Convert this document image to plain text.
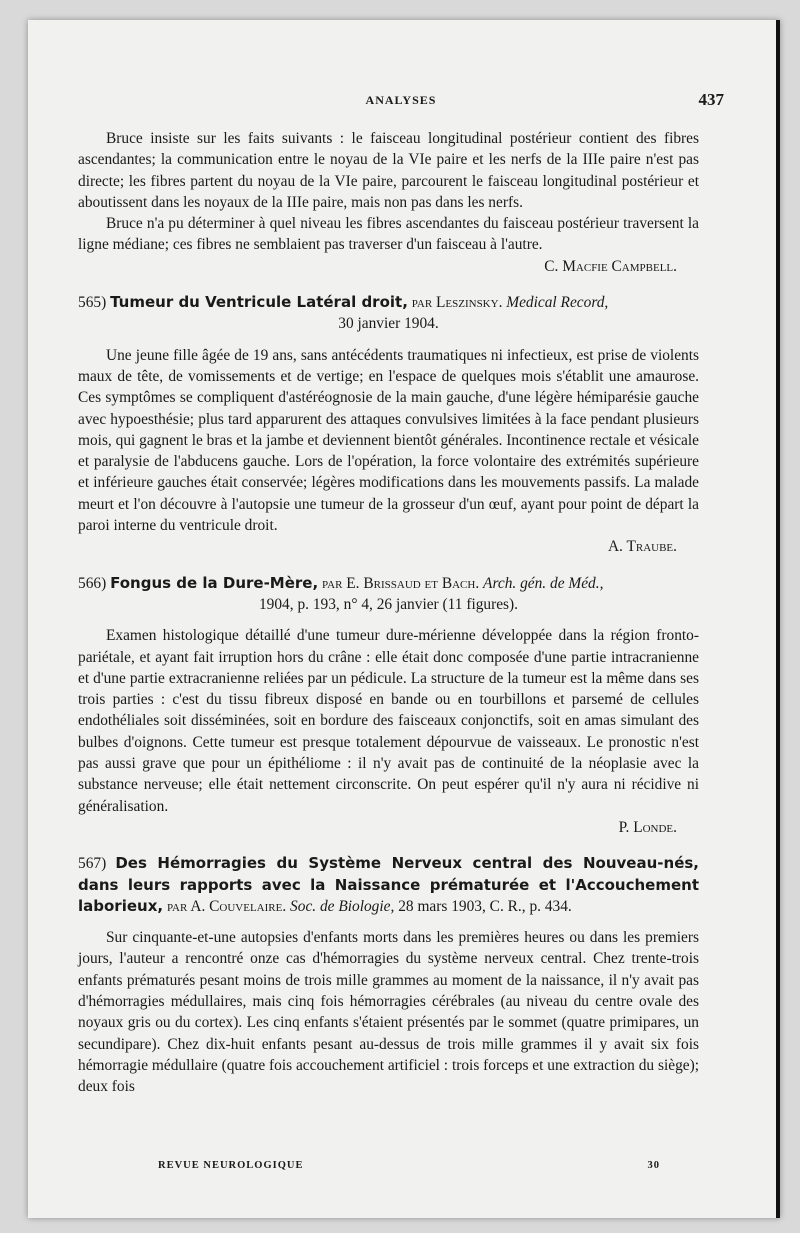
ANALYSES	437

Bruce insiste sur les faits suivants : le faisceau longitudinal postérieur contient des fibres ascendantes; la communication entre le noyau de la VIe paire et les nerfs de la IIIe paire n'est pas directe; les fibres partent du noyau de la VIe paire, parcourent le faisceau longitudinal postérieur et aboutissent dans les noyaux de la IIIe paire, mais non pas dans les nerfs.

Bruce n'a pu déterminer à quel niveau les fibres ascendantes du faisceau postérieur traversent la ligne médiane; ces fibres ne semblaient pas traverser d'un faisceau à l'autre.

C. Macfie Campbell.

565) Tumeur du Ventricule Latéral droit, par Leszinsky. Medical Record,
30 janvier 1904.

Une jeune fille âgée de 19 ans, sans antécédents traumatiques ni infectieux, est prise de violents maux de tête, de vomissements et de vertige; en l'espace de quelques mois s'établit une amaurose. Ces symptômes se compliquent d'astéréognosie de la main gauche, d'une légère hémiparésie gauche avec hypoesthésie; plus tard apparurent des attaques convulsives limitées à la face pendant plusieurs mois, qui gagnent le bras et la jambe et deviennent bientôt générales. Incontinence rectale et vésicale et paralysie de l'abducens gauche. Lors de l'opération, la force volontaire des extrémités supérieure et inférieure gauches était conservée; légères modifications dans les mouvements passifs. La malade meurt et l'on découvre à l'autopsie une tumeur de la grosseur d'un œuf, ayant pour point de départ la paroi interne du ventricule droit.

A. Traube.

566) Fongus de la Dure-Mère, par E. Brissaud et Bach. Arch. gén. de Méd.,
1904, p. 193, n° 4, 26 janvier (11 figures).

Examen histologique détaillé d'une tumeur dure-mérienne développée dans la région fronto-pariétale, et ayant fait irruption hors du crâne : elle était donc composée d'une partie intracranienne et d'une partie extracranienne reliées par un pédicule. La structure de la tumeur est la même dans ses trois parties : c'est du tissu fibreux disposé en bande ou en tourbillons et parsemé de cellules endothéliales soit disséminées, soit en bordure des faisceaux conjonctifs, soit en amas simulant des bulbes d'oignons. Cette tumeur est presque totalement dépourvue de vaisseaux. Le pronostic n'est pas aussi grave que pour un épithéliome : il n'y avait pas de continuité de la néoplasie avec la substance nerveuse; elle était nettement circonscrite. On peut espérer qu'il n'y aura ni récidive ni généralisation.

P. Londe.

567) Des Hémorragies du Système Nerveux central des Nouveau-nés, dans leurs rapports avec la Naissance prématurée et l'Accouchement laborieux, par A. Couvelaire. Soc. de Biologie, 28 mars 1903, C. R., p. 434.

Sur cinquante-et-une autopsies d'enfants morts dans les premières heures ou dans les premiers jours, l'auteur a rencontré onze cas d'hémorragies du système nerveux central. Chez trente-trois enfants prématurés pesant moins de trois mille grammes au moment de la naissance, il n'y avait pas d'hémorragies médullaires, mais cinq fois hémorragies cérébrales (au niveau du centre ovale des noyaux gris ou du cortex). Les cinq enfants s'étaient présentés par le sommet (quatre primipares, un secundipare). Chez dix-huit enfants pesant au-dessus de trois mille grammes il y avait six fois hémorragie médullaire (quatre fois accouchement artificiel : trois forceps et une extraction du siège); deux fois

REVUE NEUROLOGIQUE	30
